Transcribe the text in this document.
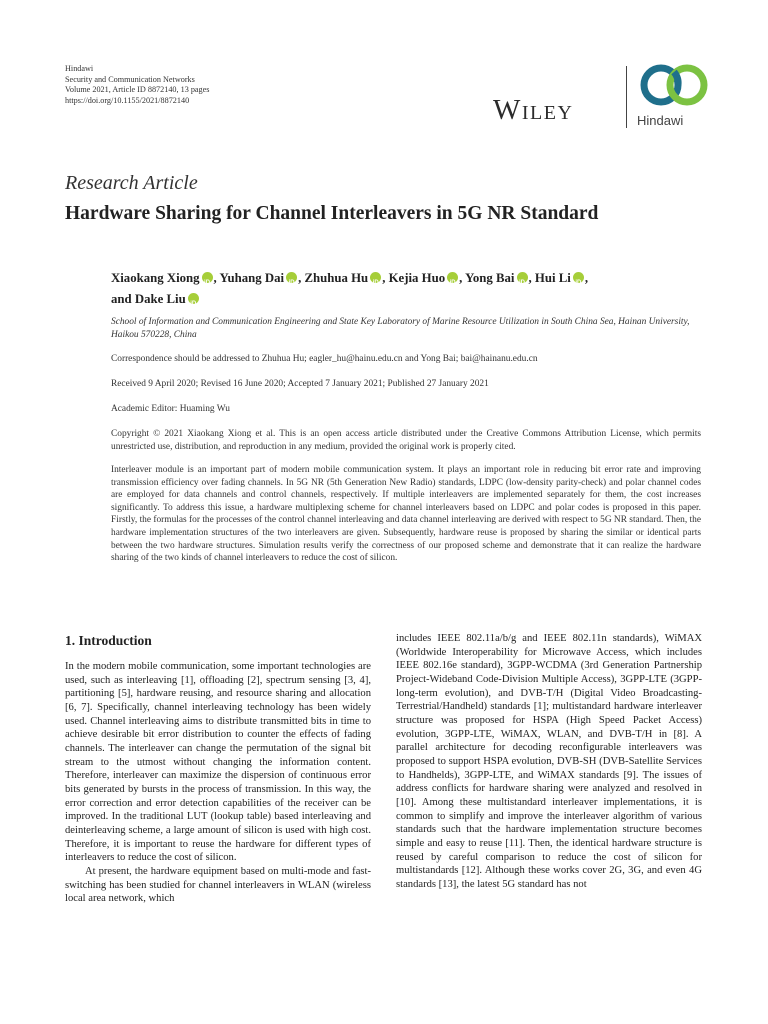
Hindawi
Security and Communication Networks
Volume 2021, Article ID 8872140, 13 pages
https://doi.org/10.1155/2021/8872140	Wiley	Hindawi
Research Article
Hardware Sharing for Channel Interleavers in 5G NR Standard
Xiaokang Xiong iD , Yuhang Dai iD , Zhuhua Hu iD , Kejia Huo iD , Yong Bai iD , Hui Li iD ,
and Dake LiuiD
School of Information and Communication Engineering and State Key Laboratory of Marine Resource Utilization in South China Sea, Hainan University, Haikou 570228, China
Correspondence should be addressed to Zhuhua Hu; eagler_hu@hainu.edu.cn and Yong Bai; bai@hainanu.edu.cn
Received 9 April 2020; Revised 16 June 2020; Accepted 7 January 2021; Published 27 January 2021
Academic Editor: Huaming Wu
Copyright © 2021 Xiaokang Xiong et al. This is an open access article distributed under the Creative Commons Attribution License, which permits unrestricted use, distribution, and reproduction in any medium, provided the original work is properly cited.
Interleaver module is an important part of modern mobile communication system. It plays an important role in reducing bit error rate and improving transmission efficiency over fading channels. In 5G NR (5th Generation New Radio) standards, LDPC (low-density parity-check) and polar channel codes are employed for data channels and control channels, respectively. If multiple interleavers are implemented separately for them, the cost increases significantly. To address this issue, a hardware multiplexing scheme for channel interleavers based on LDPC and polar codes is proposed in this paper. Firstly, the formulas for the processes of the control channel interleaving and data channel interleaving are derived with respect to 5G NR standard. Then, the hardware implementation structures of the two interleavers are given. Subsequently, hardware reuse is proposed by sharing the similar or identical parts between the two hardware structures. Simulation results verify the correctness of our proposed scheme and demonstrate that it can realize the hardware sharing of the two kinds of channel interleavers to reduce the cost of silicon.
1. Introduction

In the modern mobile communication, some important technologies are used, such as interleaving [1], offloading [2], spectrum sensing [3, 4], partitioning [5], hardware reusing, and resource sharing and allocation [6, 7]. Specifically, channel interleaving technology has been widely used. Channel interleaving aims to distribute transmitted bits in time to achieve desirable bit error distribution to counter the effects of fading channels. The interleaver can change the permutation of the signal bit stream to the utmost without changing the information content. Therefore, interleaver can maximize the dispersion of continuous error bits generated by bursts in the process of transmission. In this way, the error correction and error detection capabilities of the receiver can be improved. In the traditional LUT (lookup table) based interleaving and deinterleaving scheme, a large amount of silicon is used with high cost. Therefore, it is important to reuse the hardware for different types of interleavers to reduce the cost of silicon.

At present, the hardware equipment based on multi-mode and fast-switching has been studied for channel interleavers in WLAN (wireless local area network, which

includes IEEE 802.11a/b/g and IEEE 802.11n standards), WiMAX (Worldwide Interoperability for Microwave Access, which includes IEEE 802.16e standard), 3GPP-WCDMA (3rd Generation Partnership Project-Wideband Code-Division Multiple Access), 3GPP-LTE (3GPP-long-term evolution), and DVB-T/H (Digital Video Broadcasting-Terrestrial/Handheld) standards [1]; multistandard hardware interleaver structure was proposed for HSPA (High Speed Packet Access) evolution, 3GPP-LTE, WiMAX, WLAN, and DVB-T/H in [8]. A parallel architecture for decoding reconfigurable interleavers was proposed to support HSPA evolution, DVB-SH (DVB-Satellite Services to Handhelds), 3GPP-LTE, and WiMAX standards [9]. The issues of address conflicts for hardware sharing were analyzed and resolved in [10]. Among these multistandard interleaver implementations, it is common to simplify and improve the interleaver algorithm of various standards such that the hardware implementation structure becomes simple and easy to reuse [11]. Then, the identical hardware structure is reused by careful comparison to reduce the cost of silicon for multistandards [12]. Although these works cover 2G, 3G, and even 4G standards [13], the latest 5G standard has not
